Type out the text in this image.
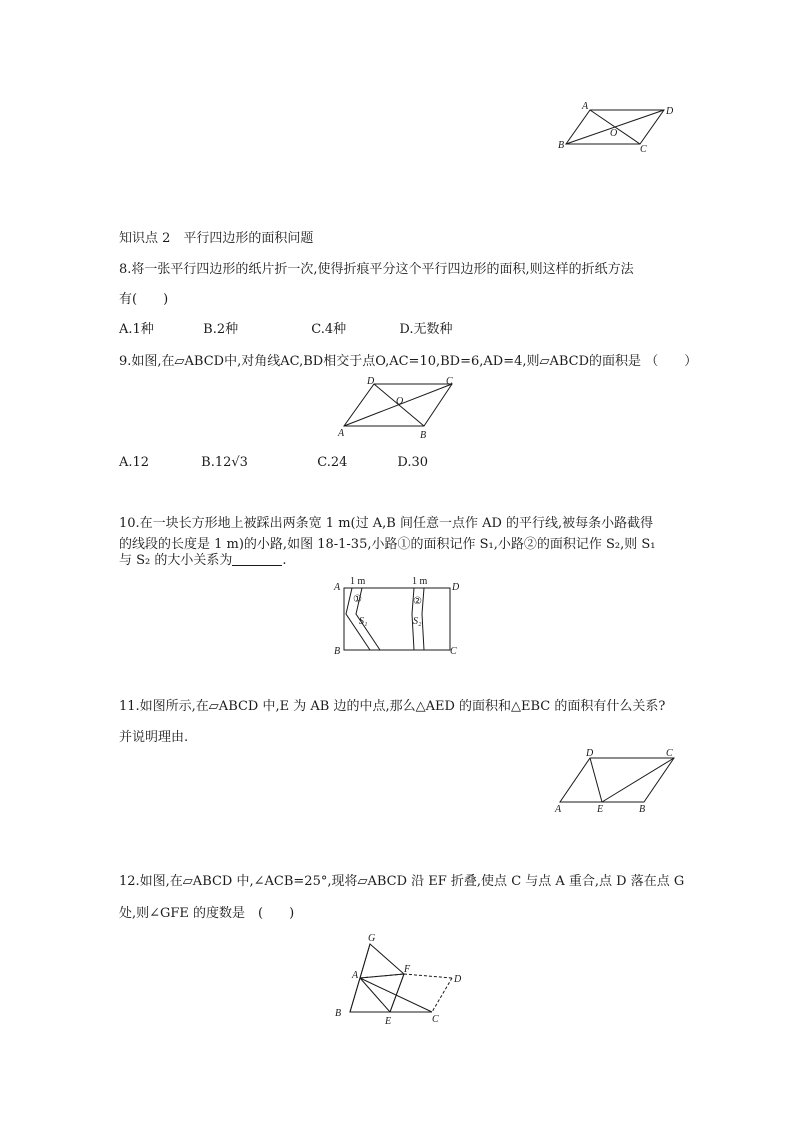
A	D
O
B	C
知识点 2　平行四边形的面积问题
8.将一张平行四边形的纸片折一次,使得折痕平分这个平行四边形的面积,则这样的折纸方法
有(　　)
A.1种	B.2种	C.4种	D.无数种
9.如图,在▱ABCD中,对角线AC,BD相交于点O,AC=10,BD=6,AD=4,则▱ABCD的面积是 （　　）
D	C
O
A	B
A.12	B.12√3	C.24	D.30
10.在一块长方形地上被踩出两条宽 1 m(过 A,B 间任意一点作 AD 的平行线,被每条小路截得
的线段的长度是 1 m)的小路,如图 18-1-35,小路①的面积记作 S₁,小路②的面积记作 S₂,则 S₁
与 S₂ 的大小关系为	.
A
1 m	1 m
D
①	②
S₁	S₂
B	C
11.如图所示,在▱ABCD 中,E 为 AB 边的中点,那么△AED 的面积和△EBC 的面积有什么关系?
并说明理由.
D	C
A	E	B
12.如图,在▱ABCD 中,∠ACB=25°,现将▱ABCD 沿 EF 折叠,使点 C 与点 A 重合,点 D 落在点 G
处,则∠GFE 的度数是　(　　)
G
A
F
D
B
E	C
